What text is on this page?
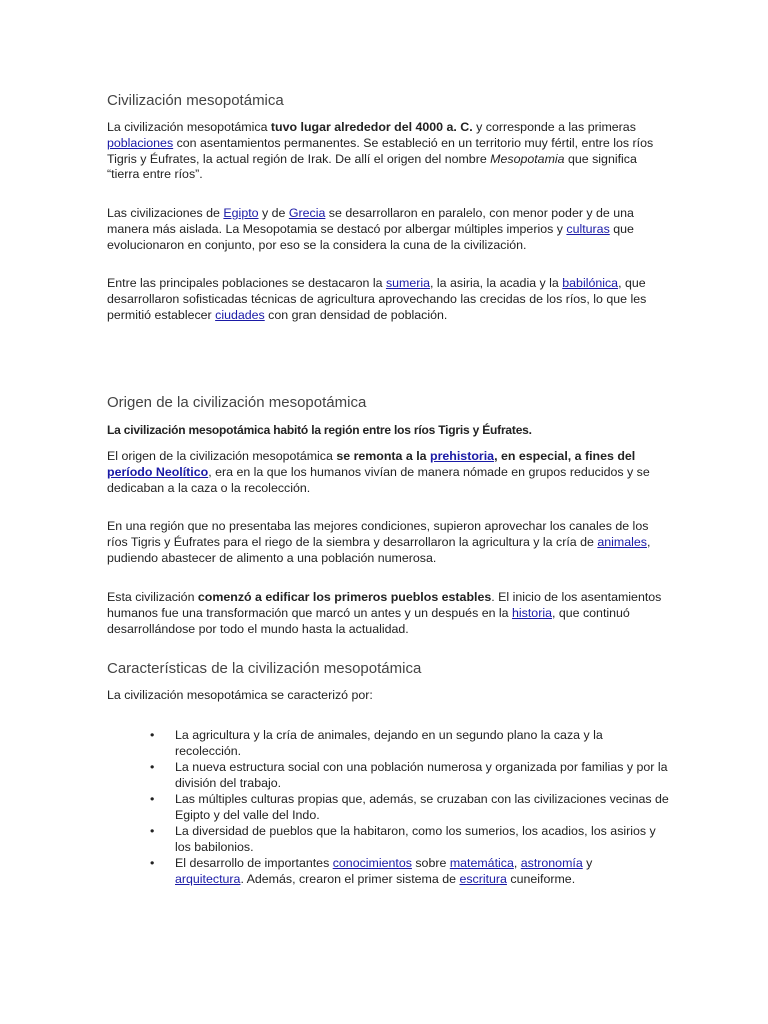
Civilización mesopotámica

La civilización mesopotámica tuvo lugar alrededor del 4000 a. C. y corresponde a las primeras poblaciones con asentamientos permanentes. Se estableció en un territorio muy fértil, entre los ríos Tigris y Éufrates, la actual región de Irak. De allí el origen del nombre Mesopotamia que significa “tierra entre ríos”.

Las civilizaciones de Egipto y de Grecia se desarrollaron en paralelo, con menor poder y de una manera más aislada. La Mesopotamia se destacó por albergar múltiples imperios y culturas que evolucionaron en conjunto, por eso se la considera la cuna de la civilización.

Entre las principales poblaciones se destacaron la sumeria, la asiria, la acadia y la babilónica, que desarrollaron sofisticadas técnicas de agricultura aprovechando las crecidas de los ríos, lo que les permitió establecer ciudades con gran densidad de población.

Origen de la civilización mesopotámica

La civilización mesopotámica habitó la región entre los ríos Tigris y Éufrates.

El origen de la civilización mesopotámica se remonta a la prehistoria, en especial, a fines del período Neolítico, era en la que los humanos vivían de manera nómade en grupos reducidos y se dedicaban a la caza o la recolección.

En una región que no presentaba las mejores condiciones, supieron aprovechar los canales de los ríos Tigris y Éufrates para el riego de la siembra y desarrollaron la agricultura y la cría de animales, pudiendo abastecer de alimento a una población numerosa.

Esta civilización comenzó a edificar los primeros pueblos estables. El inicio de los asentamientos humanos fue una transformación que marcó un antes y un después en la historia, que continuó desarrollándose por todo el mundo hasta la actualidad.

Características de la civilización mesopotámica

La civilización mesopotámica se caracterizó por:

• La agricultura y la cría de animales, dejando en un segundo plano la caza y la recolección.
• La nueva estructura social con una población numerosa y organizada por familias y por la división del trabajo.
• Las múltiples culturas propias que, además, se cruzaban con las civilizaciones vecinas de Egipto y del valle del Indo.
• La diversidad de pueblos que la habitaron, como los sumerios, los acadios, los asirios y los babilonios.
• El desarrollo de importantes conocimientos sobre matemática, astronomía y arquitectura. Además, crearon el primer sistema de escritura cuneiforme.
